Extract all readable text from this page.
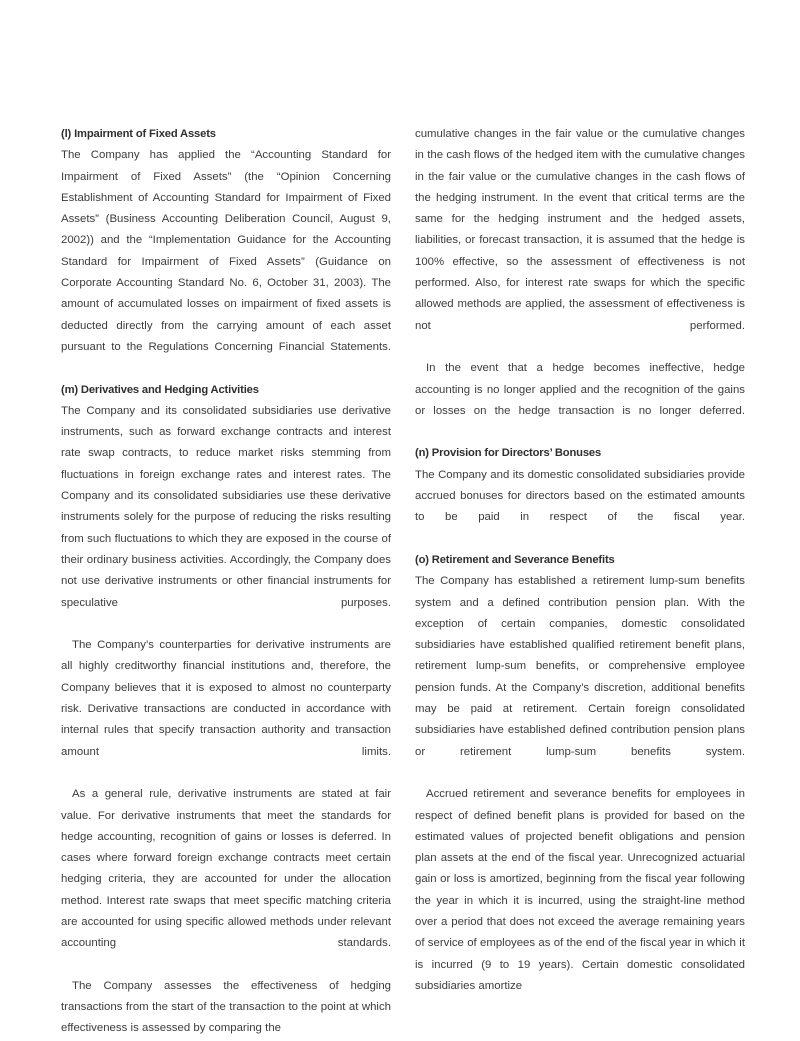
(l) Impairment of Fixed Assets

The Company has applied the “Accounting Standard for Impairment of Fixed Assets” (the “Opinion Concerning Establishment of Accounting Standard for Impairment of Fixed Assets” (Business Accounting Deliberation Council, August 9, 2002)) and the “Implementation Guidance for the Accounting Standard for Impairment of Fixed Assets” (Guidance on Corporate Accounting Standard No. 6, October 31, 2003). The amount of accumulated losses on impairment of fixed assets is deducted directly from the carrying amount of each asset pursuant to the Regulations Concerning Financial Statements.

(m) Derivatives and Hedging Activities

The Company and its consolidated subsidiaries use derivative instruments, such as forward exchange contracts and interest rate swap contracts, to reduce market risks stemming from fluctuations in foreign exchange rates and interest rates. The Company and its consolidated subsidiaries use these derivative instruments solely for the purpose of reducing the risks resulting from such fluctuations to which they are exposed in the course of their ordinary business activities. Accordingly, the Company does not use derivative instruments or other financial instruments for speculative purposes.

The Company’s counterparties for derivative instruments are all highly creditworthy financial institutions and, therefore, the Company believes that it is exposed to almost no counterparty risk. Derivative transactions are conducted in accordance with internal rules that specify transaction authority and transaction amount limits.

As a general rule, derivative instruments are stated at fair value. For derivative instruments that meet the standards for hedge accounting, recognition of gains or losses is deferred. In cases where forward foreign exchange contracts meet certain hedging criteria, they are accounted for under the allocation method. Interest rate swaps that meet specific matching criteria are accounted for using specific allowed methods under relevant accounting standards.

The Company assesses the effectiveness of hedging transactions from the start of the transaction to the point at which effectiveness is assessed by comparing the

cumulative changes in the fair value or the cumulative changes in the cash flows of the hedged item with the cumulative changes in the fair value or the cumulative changes in the cash flows of the hedging instrument. In the event that critical terms are the same for the hedging instrument and the hedged assets, liabilities, or forecast transaction, it is assumed that the hedge is 100% effective, so the assessment of effectiveness is not performed. Also, for interest rate swaps for which the specific allowed methods are applied, the assessment of effectiveness is not performed.

In the event that a hedge becomes ineffective, hedge accounting is no longer applied and the recognition of the gains or losses on the hedge transaction is no longer deferred.

(n) Provision for Directors’ Bonuses

The Company and its domestic consolidated subsidiaries provide accrued bonuses for directors based on the estimated amounts to be paid in respect of the fiscal year.

(o) Retirement and Severance Benefits

The Company has established a retirement lump-sum benefits system and a defined contribution pension plan. With the exception of certain companies, domestic consolidated subsidiaries have established qualified retirement benefit plans, retirement lump-sum benefits, or comprehensive employee pension funds. At the Company’s discretion, additional benefits may be paid at retirement. Certain foreign consolidated subsidiaries have established defined contribution pension plans or retirement lump-sum benefits system.

Accrued retirement and severance benefits for employees in respect of defined benefit plans is provided for based on the estimated values of projected benefit obligations and pension plan assets at the end of the fiscal year. Unrecognized actuarial gain or loss is amortized, beginning from the fiscal year following the year in which it is incurred, using the straight-line method over a period that does not exceed the average remaining years of service of employees as of the end of the fiscal year in which it is incurred (9 to 19 years). Certain domestic consolidated subsidiaries amortize
